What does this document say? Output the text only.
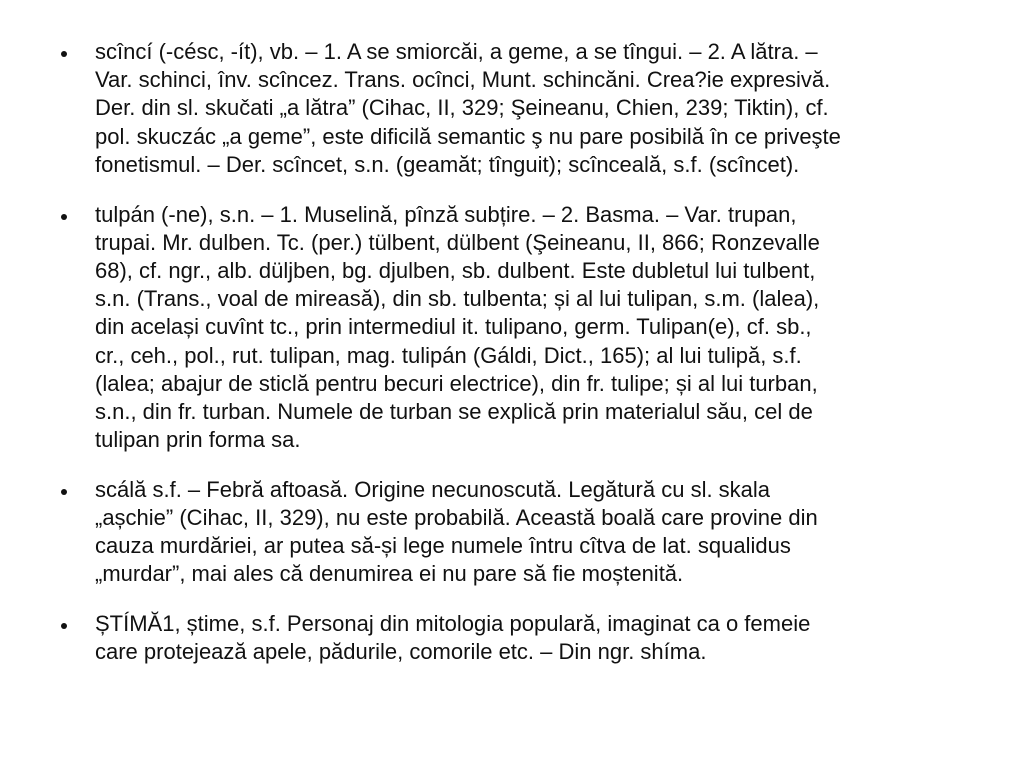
scîncí (-césc, -ít), vb. – 1. A se smiorcăi, a geme, a se tîngui. – 2. A lătra. –
Var. schinci, înv. scîncez. Trans. ocînci, Munt. schincăni. Crea?ie expresivă.
Der. din sl. skučati „a lătra” (Cihac, II, 329; Şeineanu, Chien, 239; Tiktin), cf.
pol. skuczác „a geme”, este dificilă semantic ş nu pare posibilă în ce priveşte
fonetismul. – Der. scîncet, s.n. (geamăt; tînguit); scînceală, s.f. (scîncet).
tulpán (-ne), s.n. – 1. Muselină, pînză subțire. – 2. Basma. – Var. trupan,
trupai. Mr. dulben. Tc. (per.) tülbent, dülbent (Şeineanu, II, 866; Ronzevalle
68), cf. ngr., alb. düljben, bg. djulben, sb. dulbent. Este dubletul lui tulbent,
s.n. (Trans., voal de mireasă), din sb. tulbenta; și al lui tulipan, s.m. (lalea),
din același cuvînt tc., prin intermediul it. tulipano, germ. Tulipan(e), cf. sb.,
cr., ceh., pol., rut. tulipan, mag. tulipán (Gáldi, Dict., 165); al lui tulipă, s.f.
(lalea; abajur de sticlă pentru becuri electrice), din fr. tulipe; și al lui turban,
s.n., din fr. turban. Numele de turban se explică prin materialul său, cel de
tulipan prin forma sa.
scálă s.f. – Febră aftoasă. Origine necunoscută. Legătură cu sl. skala
„așchie” (Cihac, II, 329), nu este probabilă. Această boală care provine din
cauza murdăriei, ar putea să-și lege numele întru cîtva de lat. squalidus
„murdar”, mai ales că denumirea ei nu pare să fie moștenită.
ȘTÍMĂ1, știme, s.f. Personaj din mitologia populară, imaginat ca o femeie
care protejează apele, pădurile, comorile etc. – Din ngr. shíma.
